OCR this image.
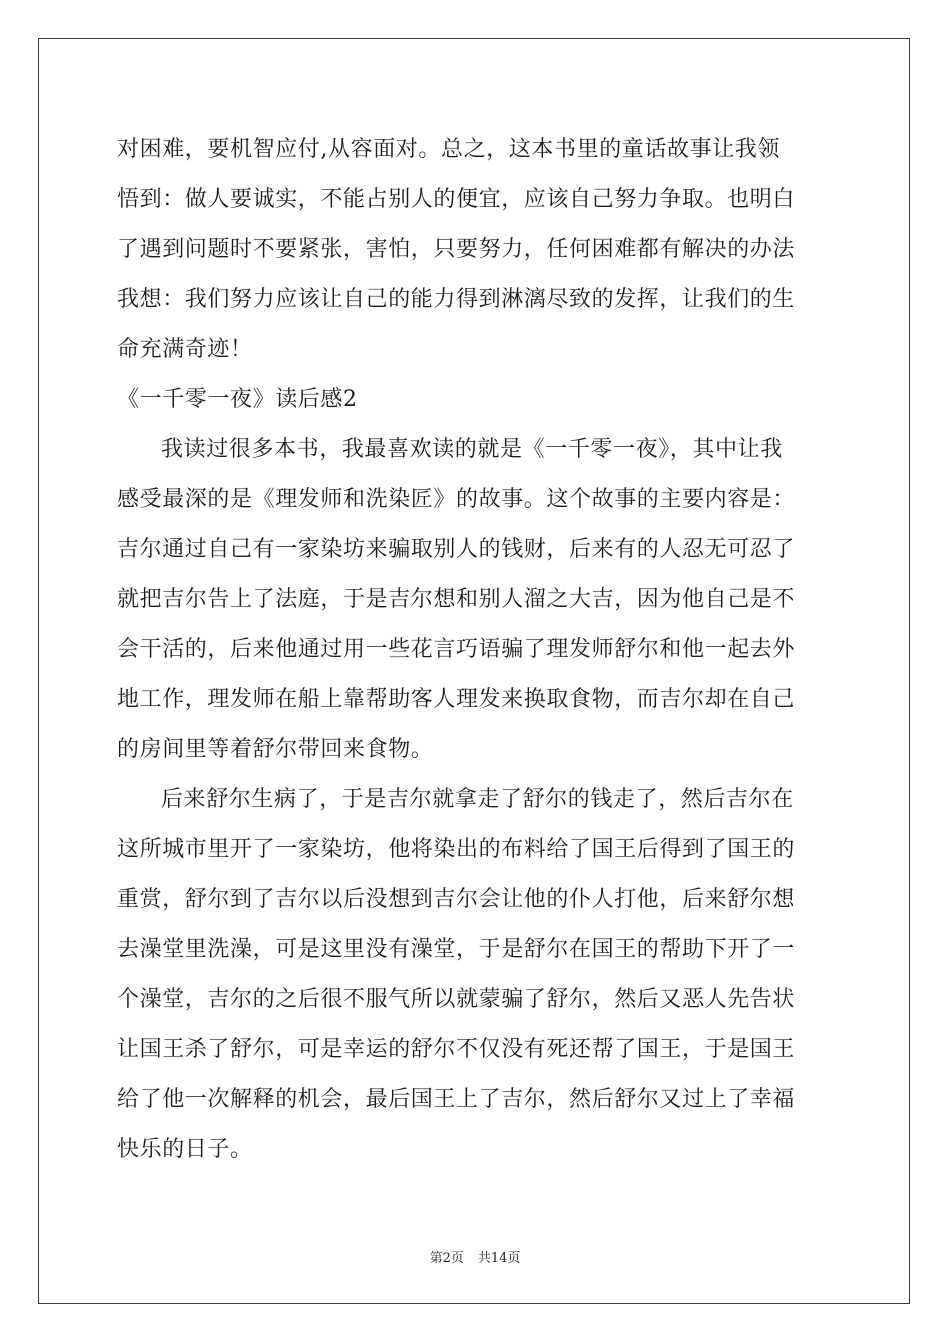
对困难，要机智应付,从容面对。总之，这本书里的童话故事让我领
悟到：做人要诚实，不能占别人的便宜，应该自己努力争取。也明白
了遇到问题时不要紧张，害怕，只要努力，任何困难都有解决的办法
我想：我们努力应该让自己的能力得到淋漓尽致的发挥，让我们的生
命充满奇迹！
《一千零一夜》读后感2
我读过很多本书，我最喜欢读的就是《一千零一夜》，其中让我
感受最深的是《理发师和洗染匠》的故事。这个故事的主要内容是：
吉尔通过自己有一家染坊来骗取别人的钱财，后来有的人忍无可忍了
就把吉尔告上了法庭，于是吉尔想和别人溜之大吉，因为他自己是不
会干活的，后来他通过用一些花言巧语骗了理发师舒尔和他一起去外
地工作，理发师在船上靠帮助客人理发来换取食物，而吉尔却在自己
的房间里等着舒尔带回来食物。
后来舒尔生病了，于是吉尔就拿走了舒尔的钱走了，然后吉尔在
这所城市里开了一家染坊，他将染出的布料给了国王后得到了国王的
重赏，舒尔到了吉尔以后没想到吉尔会让他的仆人打他，后来舒尔想
去澡堂里洗澡，可是这里没有澡堂，于是舒尔在国王的帮助下开了一
个澡堂，吉尔的之后很不服气所以就蒙骗了舒尔，然后又恶人先告状
让国王杀了舒尔，可是幸运的舒尔不仅没有死还帮了国王，于是国王
给了他一次解释的机会，最后国王上了吉尔，然后舒尔又过上了幸福
快乐的日子。
第2页 共14页
